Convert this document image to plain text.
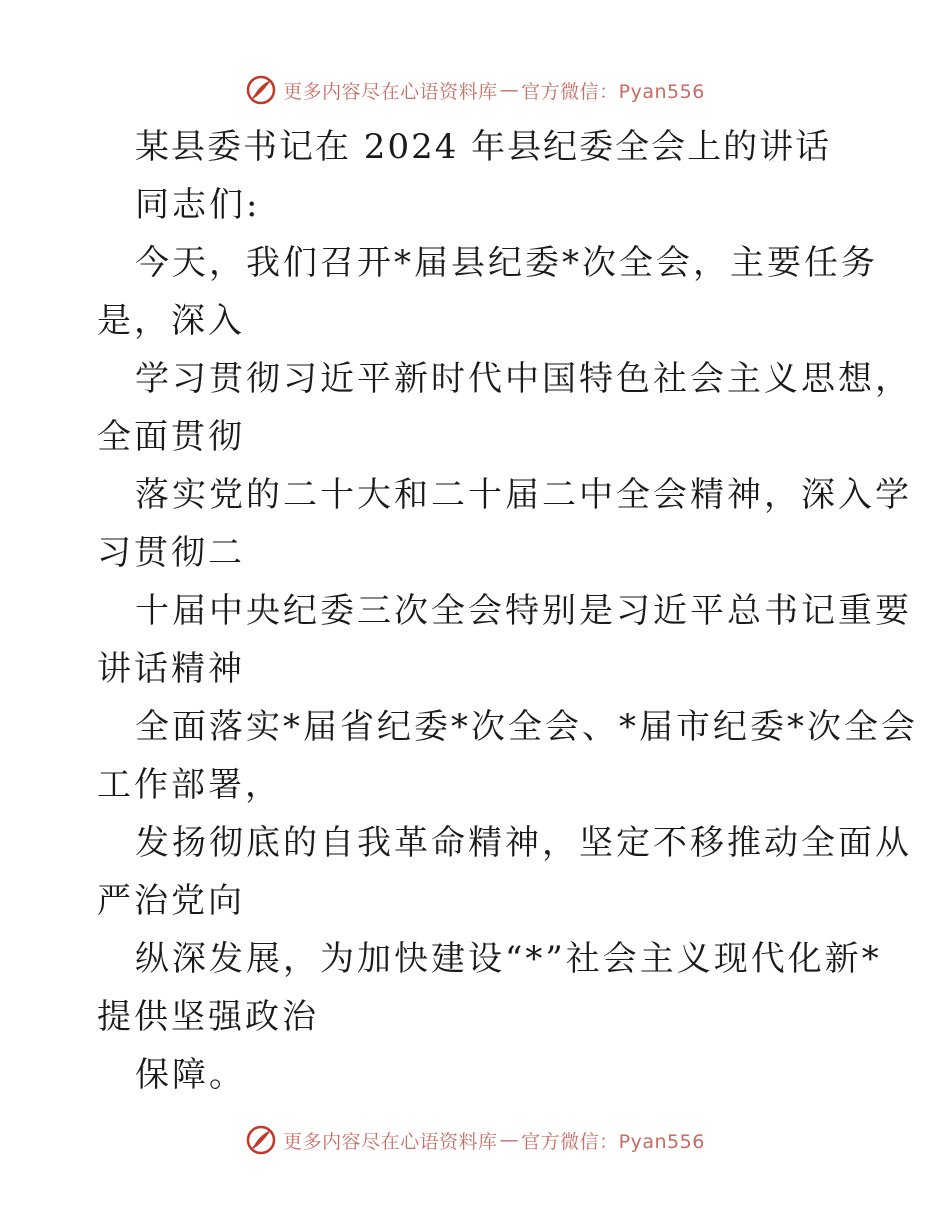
更多内容尽在心语资料库 — 官方微信：Pyan556
某县委书记在 2024 年县纪委全会上的讲话
同志们:
今天，我们召开*届县纪委*次全会，主要任务
是，深入
学习贯彻习近平新时代中国特色社会主义思想，
全面贯彻
落实党的二十大和二十届二中全会精神，深入学
习贯彻二
十届中央纪委三次全会特别是习近平总书记重要
讲话精神
全面落实*届省纪委*次全会、*届市纪委*次全会
工作部署，
发扬彻底的自我革命精神，坚定不移推动全面从
严治党向
纵深发展，为加快建设“*”社会主义现代化新*
提供坚强政治
保障。
更多内容尽在心语资料库 — 官方微信：Pyan556
